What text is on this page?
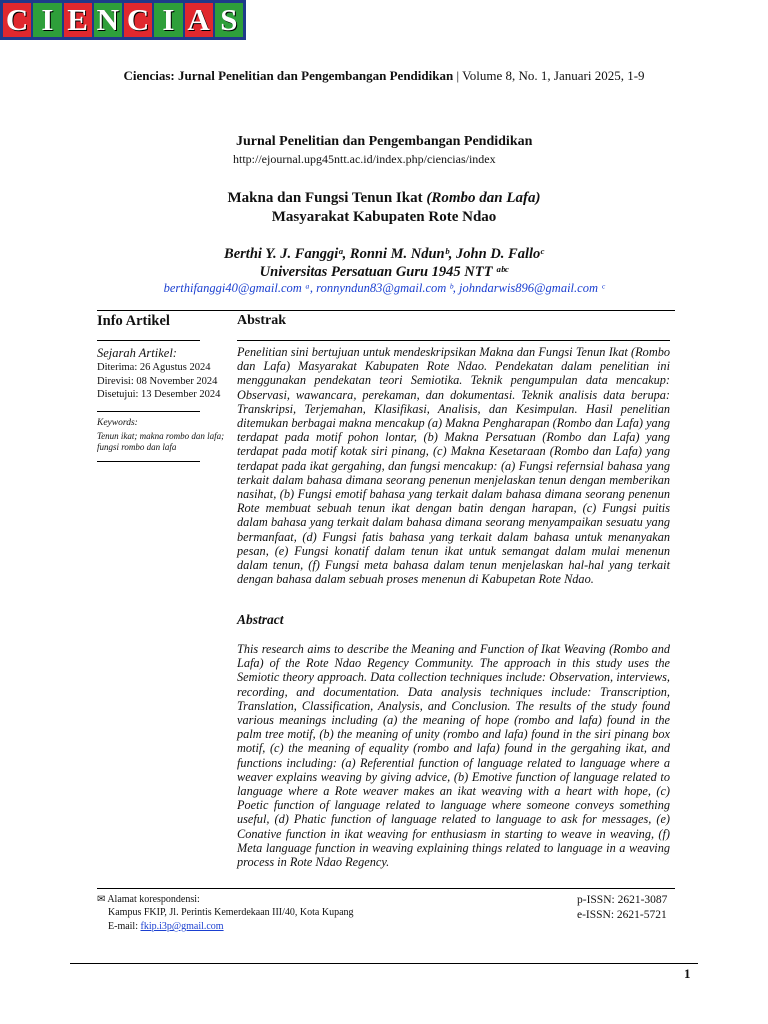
Ciencias: Jurnal Penelitian dan Pengembangan Pendidikan | Volume 8, No. 1, Januari 2025, 1-9
C I E N C I A S
Jurnal Penelitian dan Pengembangan Pendidikan
http://ejournal.upg45ntt.ac.id/index.php/ciencias/index
Makna dan Fungsi Tenun Ikat (Rombo dan Lafa)
Masyarakat Kabupaten Rote Ndao
Berthi Y. J. Fanggiᵃ, Ronni M. Ndunᵇ, John D. Falloᶜ
Universitas Persatuan Guru 1945 NTT ᵃᵇᶜ
berthifanggi40@gmail.com ᵃ, ronnyndun83@gmail.com ᵇ, johndarwis896@gmail.com ᶜ
Info Artikel	Abstrak
Sejarah Artikel:
Diterima: 26 Agustus 2024
Direvisi: 08 November 2024
Disetujui: 13 Desember 2024
Keywords:
Tenun ikat; makna rombo dan lafa; fungsi rombo dan lafa
Penelitian sini bertujuan untuk mendeskripsikan Makna dan Fungsi Tenun Ikat (Rombo dan Lafa) Masyarakat Kabupaten Rote Ndao. Pendekatan dalam penelitian ini menggunakan pendekatan teori Semiotika. Teknik pengumpulan data mencakup: Observasi, wawancara, perekaman, dan dokumentasi. Teknik analisis data berupa: Transkripsi, Terjemahan, Klasifikasi, Analisis, dan Kesimpulan. Hasil penelitian ditemukan berbagai makna mencakup (a) Makna Pengharapan (Rombo dan Lafa) yang terdapat pada motif pohon lontar, (b) Makna Persatuan (Rombo dan Lafa) yang terdapat pada motif kotak siri pinang, (c) Makna Kesetaraan (Rombo dan Lafa) yang terdapat pada ikat gergahing, dan fungsi mencakup: (a) Fungsi refernsial bahasa yang terkait dalam bahasa dimana seorang penenun menjelaskan tenun dengan memberikan nasihat, (b) Fungsi emotif bahasa yang terkait dalam bahasa dimana seorang penenun Rote membuat sebuah tenun ikat dengan batin dengan harapan, (c) Fungsi puitis dalam bahasa yang terkait dalam bahasa dimana seorang menyampaikan sesuatu yang bermanfaat, (d) Fungsi fatis bahasa yang terkait dalam bahasa untuk menanyakan pesan, (e) Fungsi konatif dalam tenun ikat untuk semangat dalam mulai menenun dalam tenun, (f) Fungsi meta bahasa dalam tenun menjelaskan hal-hal yang terkait dengan bahasa dalam sebuah proses menenun di Kabupetan Rote Ndao.
Abstract
This research aims to describe the Meaning and Function of Ikat Weaving (Rombo and Lafa) of the Rote Ndao Regency Community. The approach in this study uses the Semiotic theory approach. Data collection techniques include: Observation, interviews, recording, and documentation. Data analysis techniques include: Transcription, Translation, Classification, Analysis, and Conclusion. The results of the study found various meanings including (a) the meaning of hope (rombo and lafa) found in the palm tree motif, (b) the meaning of unity (rombo and lafa) found in the siri pinang box motif, (c) the meaning of equality (rombo and lafa) found in the gergahing ikat, and functions including: (a) Referential function of language related to language where a weaver explains weaving by giving advice, (b) Emotive function of language related to language where a Rote weaver makes an ikat weaving with a heart with hope, (c) Poetic function of language related to language where someone conveys something useful, (d) Phatic function of language related to language to ask for messages, (e) Conative function in ikat weaving for enthusiasm in starting to weave in weaving, (f) Meta language function in weaving explaining things related to language in a weaving process in Rote Ndao Regency.
✉ Alamat korespondensi:
Kampus FKIP, Jl. Perintis Kemerdekaan III/40, Kota Kupang
E-mail: fkip.i3p@gmail.com
p-ISSN: 2621-3087
e-ISSN: 2621-5721
1
